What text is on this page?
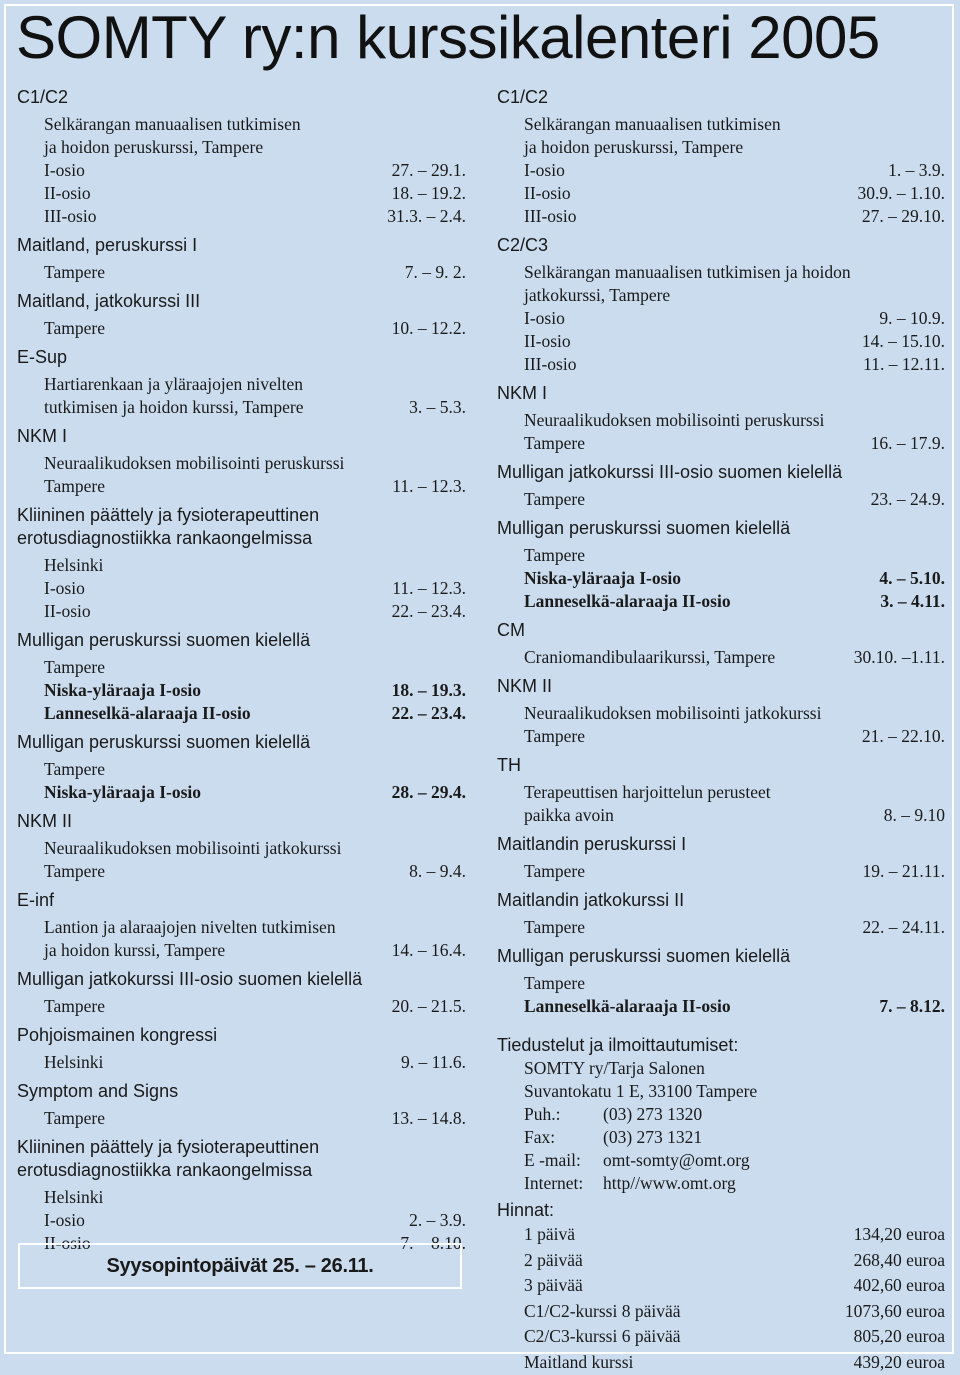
SOMTY ry:n kurssikalenteri 2005
C1/C2
Selkärangan manuaalisen tutkimisen
ja hoidon peruskurssi, Tampere
I-osio	27. – 29.1.
II-osio	18. – 19.2.
III-osio	31.3. – 2.4.
Maitland, peruskurssi I
Tampere	7. – 9. 2.
Maitland, jatkokurssi III
Tampere	10. – 12.2.
E-Sup
Hartiarenkaan ja yläraajojen nivelten
tutkimisen ja hoidon kurssi, Tampere	3. – 5.3.
NKM I
Neuraalikudoksen mobilisointi peruskurssi
Tampere	11. – 12.3.
Kliininen päättely ja fysioterapeuttinen
erotusdiagnostiikka rankaongelmissa
Helsinki
I-osio	11. – 12.3.
II-osio	22. – 23.4.
Mulligan peruskurssi suomen kielellä
Tampere
Niska-yläraaja I-osio	18. – 19.3.
Lanneselkä-alaraaja II-osio	22. – 23.4.
Mulligan peruskurssi suomen kielellä
Tampere
Niska-yläraaja I-osio	28. – 29.4.
NKM II
Neuraalikudoksen mobilisointi jatkokurssi
Tampere	8. – 9.4.
E-inf
Lantion ja alaraajojen nivelten tutkimisen
ja hoidon kurssi, Tampere	14. – 16.4.
Mulligan jatkokurssi III-osio suomen kielellä
Tampere	20. – 21.5.
Pohjoismainen kongressi
Helsinki	9. – 11.6.
Symptom and Signs
Tampere	13. – 14.8.
Kliininen päättely ja fysioterapeuttinen
erotusdiagnostiikka rankaongelmissa
Helsinki
I-osio	2. – 3.9.
II-osio	7. – 8.10.
C1/C2
Selkärangan manuaalisen tutkimisen
ja hoidon peruskurssi, Tampere
I-osio	1. – 3.9.
II-osio	30.9. – 1.10.
III-osio	27. – 29.10.
C2/C3
Selkärangan manuaalisen tutkimisen ja hoidon
jatkokurssi, Tampere
I-osio	9. – 10.9.
II-osio	14. – 15.10.
III-osio	11. – 12.11.
NKM I
Neuraalikudoksen mobilisointi peruskurssi
Tampere	16. – 17.9.
Mulligan jatkokurssi III-osio suomen kielellä
Tampere	23. – 24.9.
Mulligan peruskurssi suomen kielellä
Tampere
Niska-yläraaja I-osio	4. – 5.10.
Lanneselkä-alaraaja II-osio	3. – 4.11.
CM
Craniomandibulaarikurssi, Tampere	30.10. –1.11.
NKM II
Neuraalikudoksen mobilisointi jatkokurssi
Tampere	21. – 22.10.
TH
Terapeuttisen harjoittelun perusteet
paikka avoin	8. – 9.10
Maitlandin peruskurssi I
Tampere	19. – 21.11.
Maitlandin jatkokurssi II
Tampere	22. – 24.11.
Mulligan peruskurssi suomen kielellä
Tampere
Lanneselkä-alaraaja II-osio	7. – 8.12.
Tiedustelut ja ilmoittautumiset:
SOMTY ry/Tarja Salonen
Suvantokatu 1 E, 33100 Tampere
Puh.:	(03) 273 1320
Fax:	(03) 273 1321
E -mail:	omt-somty@omt.org
Internet:	http//www.omt.org
Hinnat:
1 päivä	134,20 euroa
2 päivää	268,40 euroa
3 päivää	402,60 euroa
C1/C2-kurssi 8 päivää	1073,60 euroa
C2/C3-kurssi 6 päivää	805,20 euroa
Maitland kurssi	439,20 euroa
Syysopintopäivät 25. – 26.11.
